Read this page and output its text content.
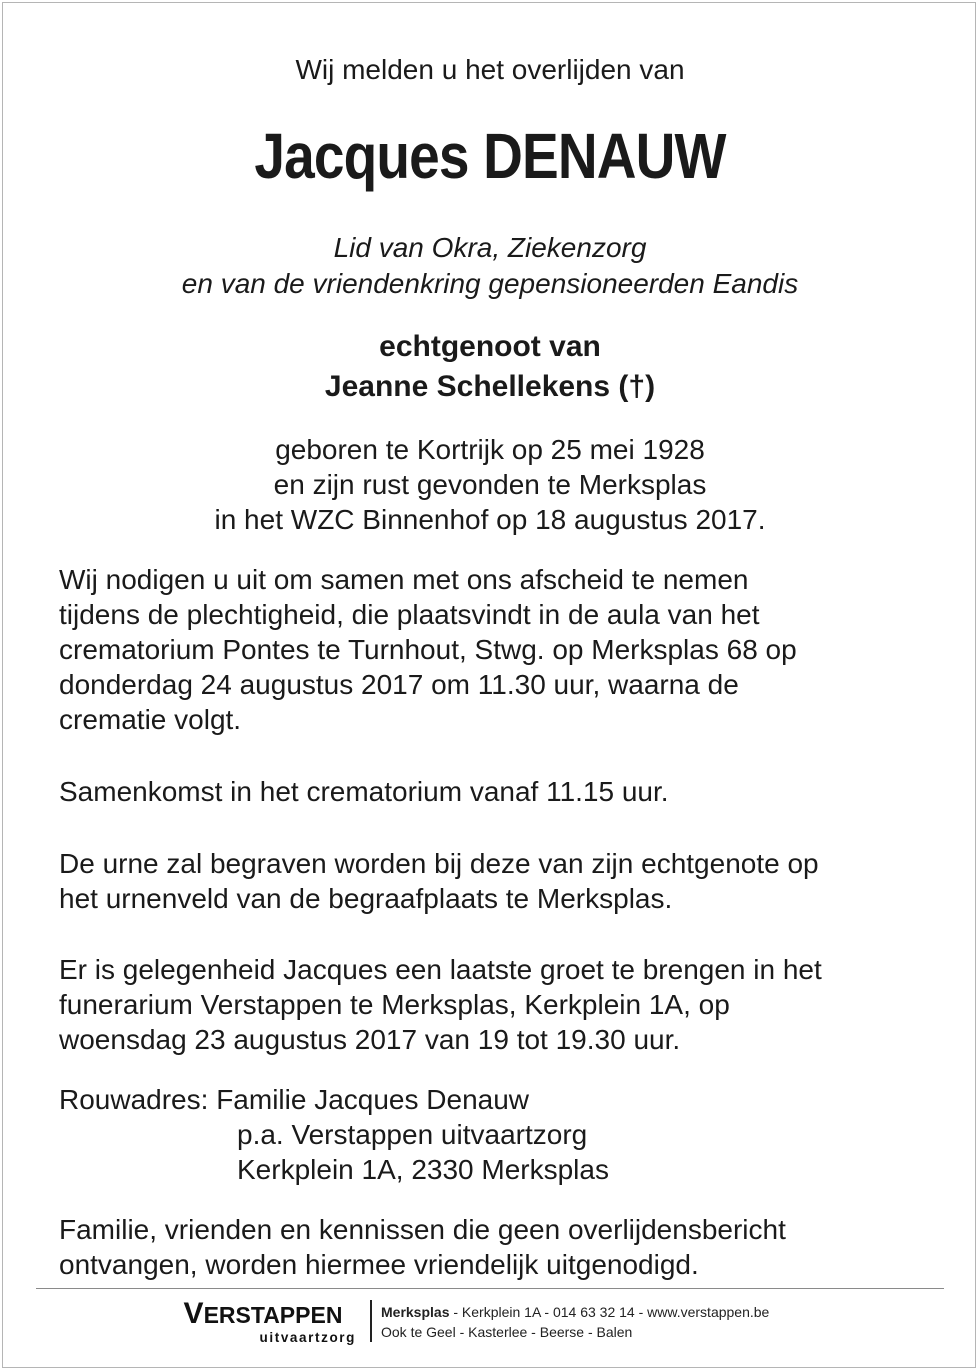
Wij melden u het overlijden van
Jacques DENAUW
Lid van Okra, Ziekenzorg
en van de vriendenkring gepensioneerden Eandis
echtgenoot van
Jeanne Schellekens (†)
geboren te Kortrijk op 25 mei 1928
en zijn rust gevonden te Merksplas
in het WZC Binnenhof op 18 augustus 2017.
Wij nodigen u uit om samen met ons afscheid te nemen
tijdens de plechtigheid, die plaatsvindt in de aula van het
crematorium Pontes te Turnhout, Stwg. op Merksplas 68 op
donderdag 24 augustus 2017 om 11.30 uur, waarna de
crematie volgt.
Samenkomst in het crematorium vanaf 11.15 uur.
De urne zal begraven worden bij deze van zijn echtgenote op
het urnenveld van de begraafplaats te Merksplas.
Er is gelegenheid Jacques een laatste groet te brengen in het
funerarium Verstappen te Merksplas, Kerkplein 1A, op
woensdag 23 augustus 2017 van 19 tot 19.30 uur.
Rouwadres: Familie Jacques Denauw
p.a. Verstappen uitvaartzorg
Kerkplein 1A, 2330 Merksplas
Familie, vrienden en kennissen die geen overlijdensbericht
ontvangen, worden hiermee vriendelijk uitgenodigd.
VERSTAPPEN
uitvaartzorg
Merksplas - Kerkplein 1A - 014 63 32 14 - www.verstappen.be
Ook te Geel - Kasterlee - Beerse - Balen
